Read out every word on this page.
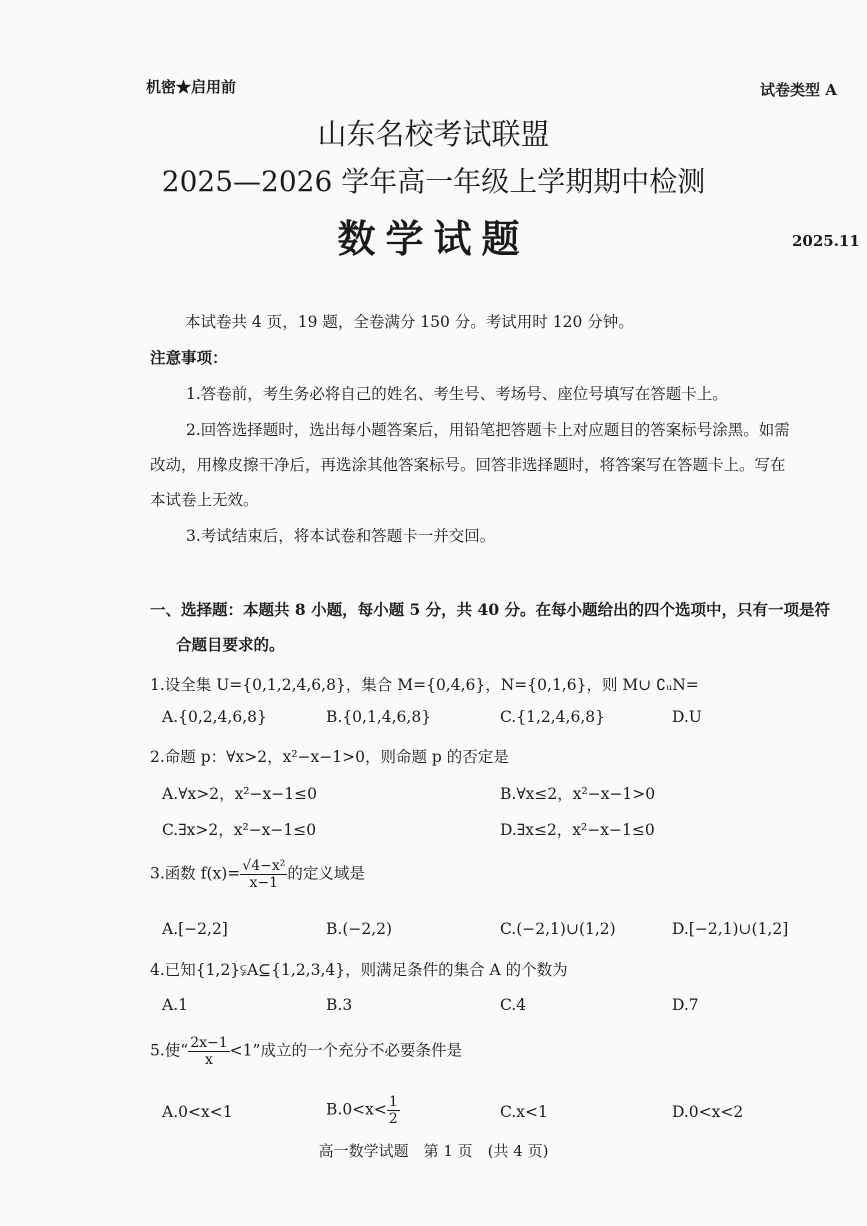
机密★启用前	试卷类型 A
山东名校考试联盟
2025—2026 学年高一年级上学期期中检测
数学试题	2025.11
本试卷共 4 页，19 题，全卷满分 150 分。考试用时 120 分钟。
注意事项：
1.答卷前，考生务必将自己的姓名、考生号、考场号、座位号填写在答题卡上。
2.回答选择题时，选出每小题答案后，用铅笔把答题卡上对应题目的答案标号涂黑。如需
改动，用橡皮擦干净后，再选涂其他答案标号。回答非选择题时，将答案写在答题卡上。写在
本试卷上无效。
3.考试结束后，将本试卷和答题卡一并交回。
一、选择题：本题共 8 小题，每小题 5 分，共 40 分。在每小题给出的四个选项中，只有一项是符
合题目要求的。
1.设全集 U={0,1,2,4,6,8}，集合 M={0,4,6}，N={0,1,6}，则 M∪ ∁ᵤN=
A.{0,2,4,6,8}	B.{0,1,4,6,8}	C.{1,2,4,6,8}	D.U
2.命题 p：∀x>2，x²−x−1>0，则命题 p 的否定是
A.∀x>2，x²−x−1≤0	B.∀x≤2，x²−x−1>0
C.∃x>2，x²−x−1≤0	D.∃x≤2，x²−x−1≤0
3.函数 $f(x)= \frac{\text{√4−x²}}{x-1}$ 的定义域是
A.[−2,2]	B.(−2,2)	C.(−2,1)∪(1,2)	D.[−2,1)∪(1,2]
4.已知{1,2}⫋A⊆{1,2,3,4}，则满足条件的集合 A 的个数为
A.1	B.3	C.4	D.7
5.使“ $\frac{2x-1}{x} <1$”成立的一个充分不必要条件是
A.0<x<1	$B.0<x< \frac{1}{2}$	C.x<1	D.0<x<2
高一数学试题　第 1 页　(共 4 页)
